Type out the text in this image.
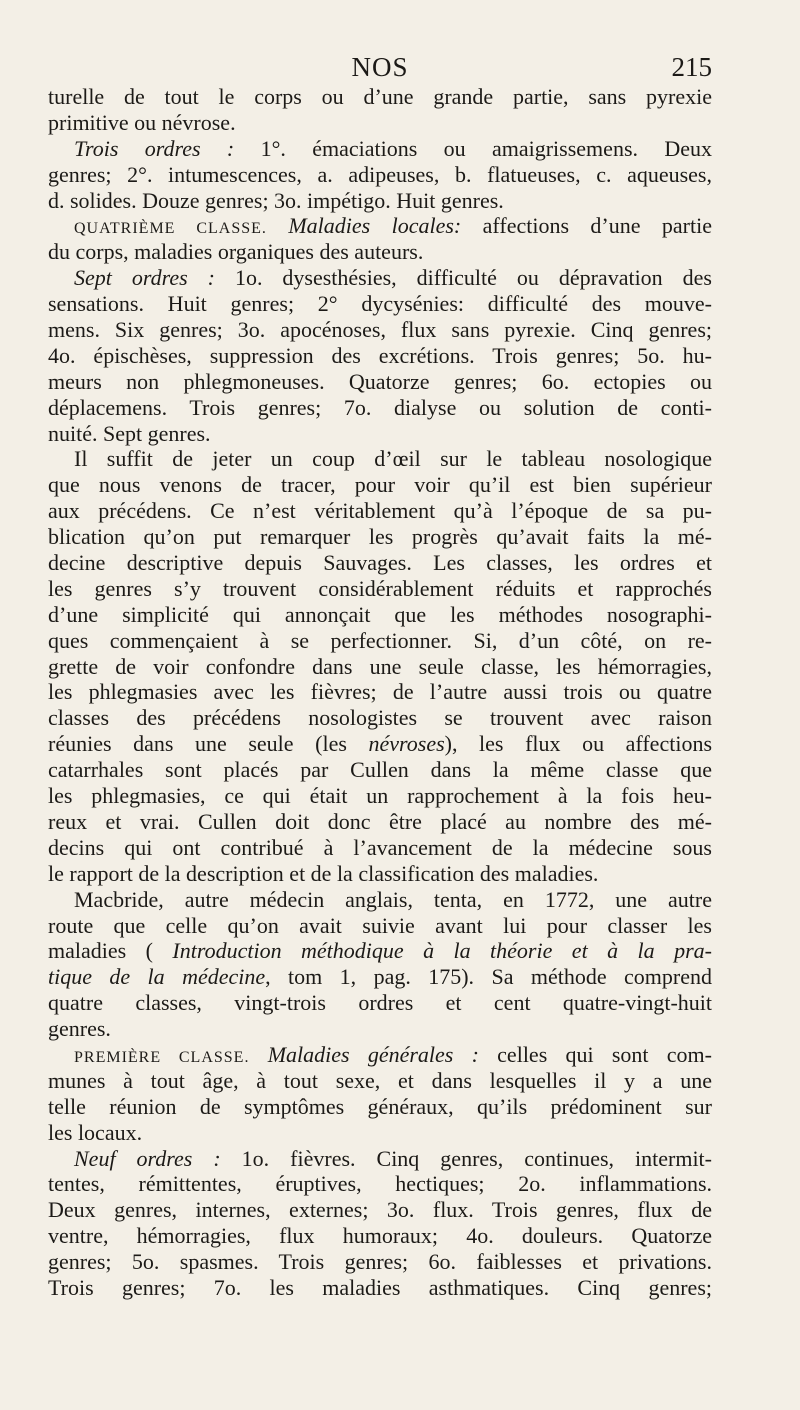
NOS	215
turelle de tout le corps ou d’une grande partie, sans pyrexie
primitive ou névrose.
Trois ordres : 1°. émaciations ou amaigrissemens. Deux
genres; 2°. intumescences, a. adipeuses, b. flatueuses, c. aqueuses,
d. solides. Douze genres; 3o. impétigo. Huit genres.
QUATRIÈME CLASSE. Maladies locales: affections d’une partie
du corps, maladies organiques des auteurs.
Sept ordres : 1o. dysesthésies, difficulté ou dépravation des
sensations. Huit genres; 2° dycysénies: difficulté des mouve-
mens. Six genres; 3o. apocénoses, flux sans pyrexie. Cinq genres;
4o. épischèses, suppression des excrétions. Trois genres; 5o. hu-
meurs non phlegmoneuses. Quatorze genres; 6o. ectopies ou
déplacemens. Trois genres; 7o. dialyse ou solution de conti-
nuité. Sept genres.
Il suffit de jeter un coup d’œil sur le tableau nosologique
que nous venons de tracer, pour voir qu’il est bien supérieur
aux précédens. Ce n’est véritablement qu’à l’époque de sa pu-
blication qu’on put remarquer les progrès qu’avait faits la mé-
decine descriptive depuis Sauvages. Les classes, les ordres et
les genres s’y trouvent considérablement réduits et rapprochés
d’une simplicité qui annonçait que les méthodes nosographi-
ques commençaient à se perfectionner. Si, d’un côté, on re-
grette de voir confondre dans une seule classe, les hémorragies,
les phlegmasies avec les fièvres; de l’autre aussi trois ou quatre
classes des précédens nosologistes se trouvent avec raison
réunies dans une seule (les névroses), les flux ou affections
catarrhales sont placés par Cullen dans la même classe que
les phlegmasies, ce qui était un rapprochement à la fois heu-
reux et vrai. Cullen doit donc être placé au nombre des mé-
decins qui ont contribué à l’avancement de la médecine sous
le rapport de la description et de la classification des maladies.
Macbride, autre médecin anglais, tenta, en 1772, une autre
route que celle qu’on avait suivie avant lui pour classer les
maladies ( Introduction méthodique à la théorie et à la pra-
tique de la médecine, tom 1, pag. 175). Sa méthode comprend
quatre classes, vingt-trois ordres et cent quatre-vingt-huit
genres.
PREMIÈRE CLASSE. Maladies générales : celles qui sont com-
munes à tout âge, à tout sexe, et dans lesquelles il y a une
telle réunion de symptômes généraux, qu’ils prédominent sur
les locaux.
Neuf ordres : 1o. fièvres. Cinq genres, continues, intermit-
tentes, rémittentes, éruptives, hectiques; 2o. inflammations.
Deux genres, internes, externes; 3o. flux. Trois genres, flux de
ventre, hémorragies, flux humoraux; 4o. douleurs. Quatorze
genres; 5o. spasmes. Trois genres; 6o. faiblesses et privations.
Trois genres; 7o. les maladies asthmatiques. Cinq genres;
